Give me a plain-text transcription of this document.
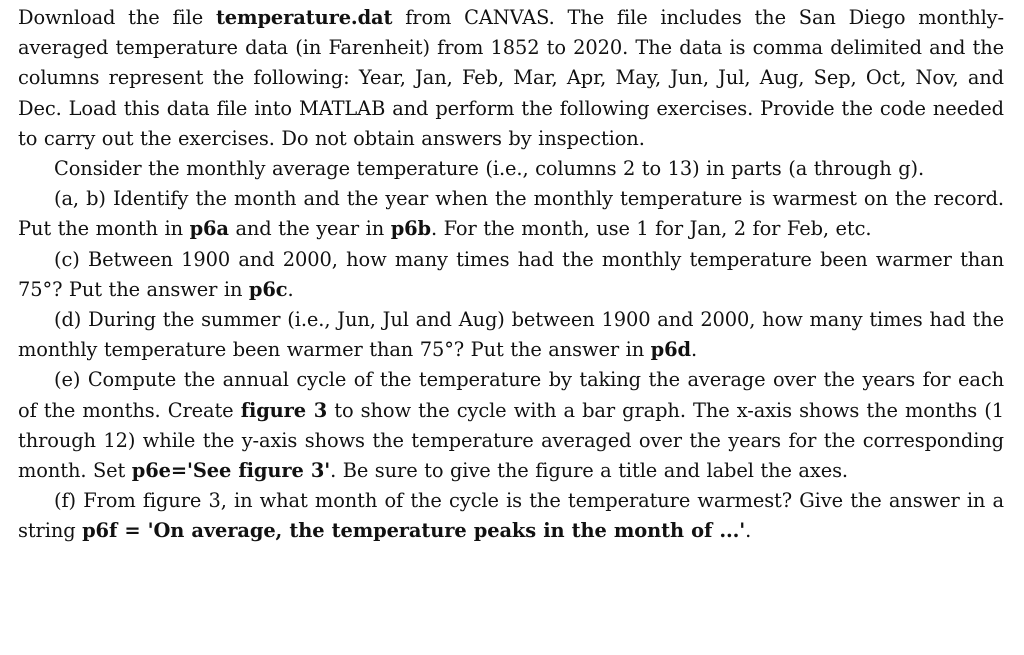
Download the file temperature.dat from CANVAS. The file includes the San Diego monthly-averaged temperature data (in Farenheit) from 1852 to 2020. The data is comma delimited and the columns represent the following: Year, Jan, Feb, Mar, Apr, May, Jun, Jul, Aug, Sep, Oct, Nov, and Dec. Load this data file into MATLAB and perform the following exercises. Provide the code needed to carry out the exercises. Do not obtain answers by inspection.

Consider the monthly average temperature (i.e., columns 2 to 13) in parts (a through g).

(a, b) Identify the month and the year when the monthly temperature is warmest on the record. Put the month in p6a and the year in p6b. For the month, use 1 for Jan, 2 for Feb, etc.

(c) Between 1900 and 2000, how many times had the monthly temperature been warmer than 75°? Put the answer in p6c.

(d) During the summer (i.e., Jun, Jul and Aug) between 1900 and 2000, how many times had the monthly temperature been warmer than 75°? Put the answer in p6d.

(e) Compute the annual cycle of the temperature by taking the average over the years for each of the months. Create figure 3 to show the cycle with a bar graph. The x-axis shows the months (1 through 12) while the y-axis shows the temperature averaged over the years for the corresponding month. Set p6e='See figure 3'. Be sure to give the figure a title and label the axes.

(f) From figure 3, in what month of the cycle is the temperature warmest? Give the answer in a string p6f = 'On average, the temperature peaks in the month of ...'.
